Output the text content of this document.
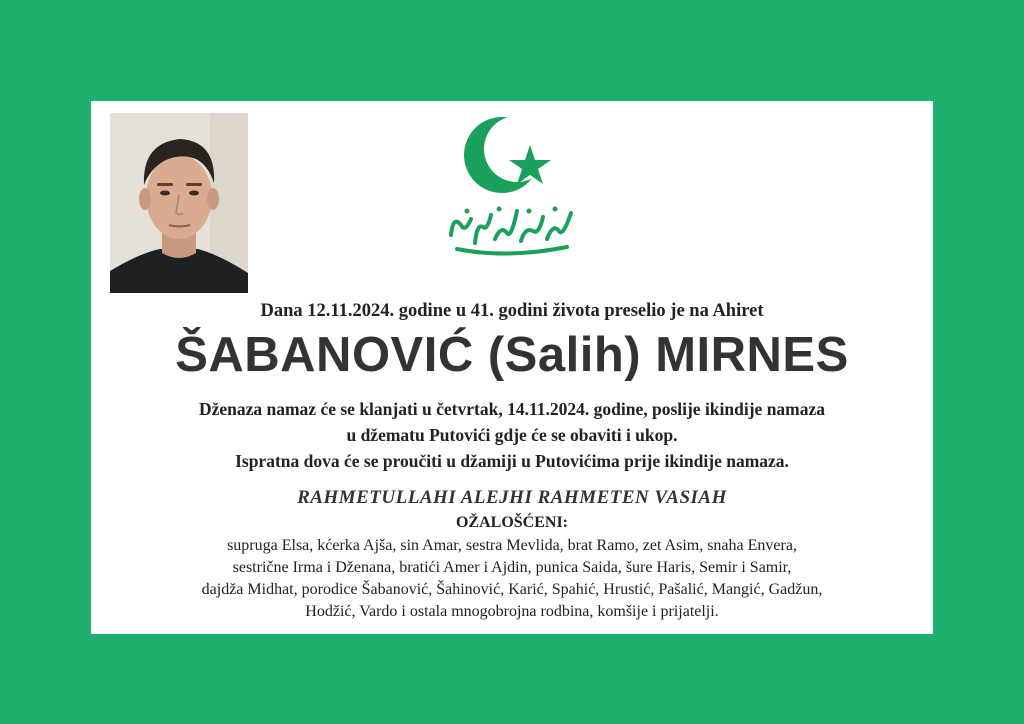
Dana 12.11.2024. godine u 41. godini života preselio je na Ahiret
ŠABANOVIĆ (Salih) MIRNES
Dženaza namaz će se klanjati u četvrtak, 14.11.2024. godine, poslije ikindije namaza
u džematu Putovići gdje će se obaviti i ukop.
Ispratna dova će se proučiti u džamiji u Putovićima prije ikindije namaza.
RAHMETULLAHI ALEJHI RAHMETEN VASIAH
OŽALOŠĆENI:
supruga Elsa, kćerka Ajša, sin Amar, sestra Mevlida, brat Ramo, zet Asim, snaha Envera,
sestrične Irma i Dženana, bratići Amer i Ajdin, punica Saida, šure Haris, Semir i Samir,
dajdža Midhat, porodice Šabanović, Šahinović, Karić, Spahić, Hrustić, Pašalić, Mangić, Gadžun,
Hodžić, Vardo i ostala mnogobrojna rodbina, komšije i prijatelji.
